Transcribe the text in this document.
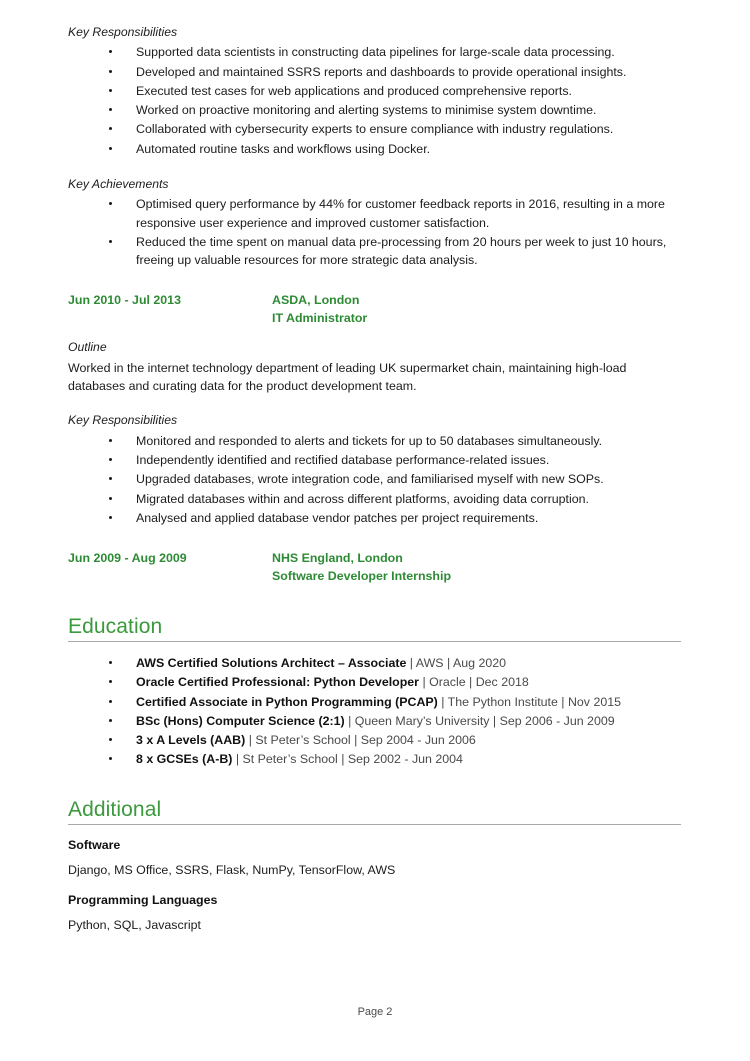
Key Responsibilities

Supported data scientists in constructing data pipelines for large-scale data processing.
Developed and maintained SSRS reports and dashboards to provide operational insights.
Executed test cases for web applications and produced comprehensive reports.
Worked on proactive monitoring and alerting systems to minimise system downtime.
Collaborated with cybersecurity experts to ensure compliance with industry regulations.
Automated routine tasks and workflows using Docker.

Key Achievements

Optimised query performance by 44% for customer feedback reports in 2016, resulting in a more responsive user experience and improved customer satisfaction.
Reduced the time spent on manual data pre-processing from 20 hours per week to just 10 hours, freeing up valuable resources for more strategic data analysis.
Jun 2010 - Jul 2013	ASDA, London
IT Administrator

Outline

Worked in the internet technology department of leading UK supermarket chain, maintaining high-load databases and curating data for the product development team.

Key Responsibilities

Monitored and responded to alerts and tickets for up to 50 databases simultaneously.
Independently identified and rectified database performance-related issues.
Upgraded databases, wrote integration code, and familiarised myself with new SOPs.
Migrated databases within and across different platforms, avoiding data corruption.
Analysed and applied database vendor patches per project requirements.
Jun 2009 - Aug 2009	NHS England, London
Software Developer Internship
Education
AWS Certified Solutions Architect – Associate | AWS | Aug 2020
Oracle Certified Professional: Python Developer | Oracle | Dec 2018
Certified Associate in Python Programming (PCAP) | The Python Institute | Nov 2015
BSc (Hons) Computer Science (2:1) | Queen Mary’s University | Sep 2006 - Jun 2009
3 x A Levels (AAB) | St Peter’s School | Sep 2004 - Jun 2006
8 x GCSEs (A-B) | St Peter’s School | Sep 2002 - Jun 2004
Additional

Software

Django, MS Office, SSRS, Flask, NumPy, TensorFlow, AWS

Programming Languages

Python, SQL, Javascript

Page 2
